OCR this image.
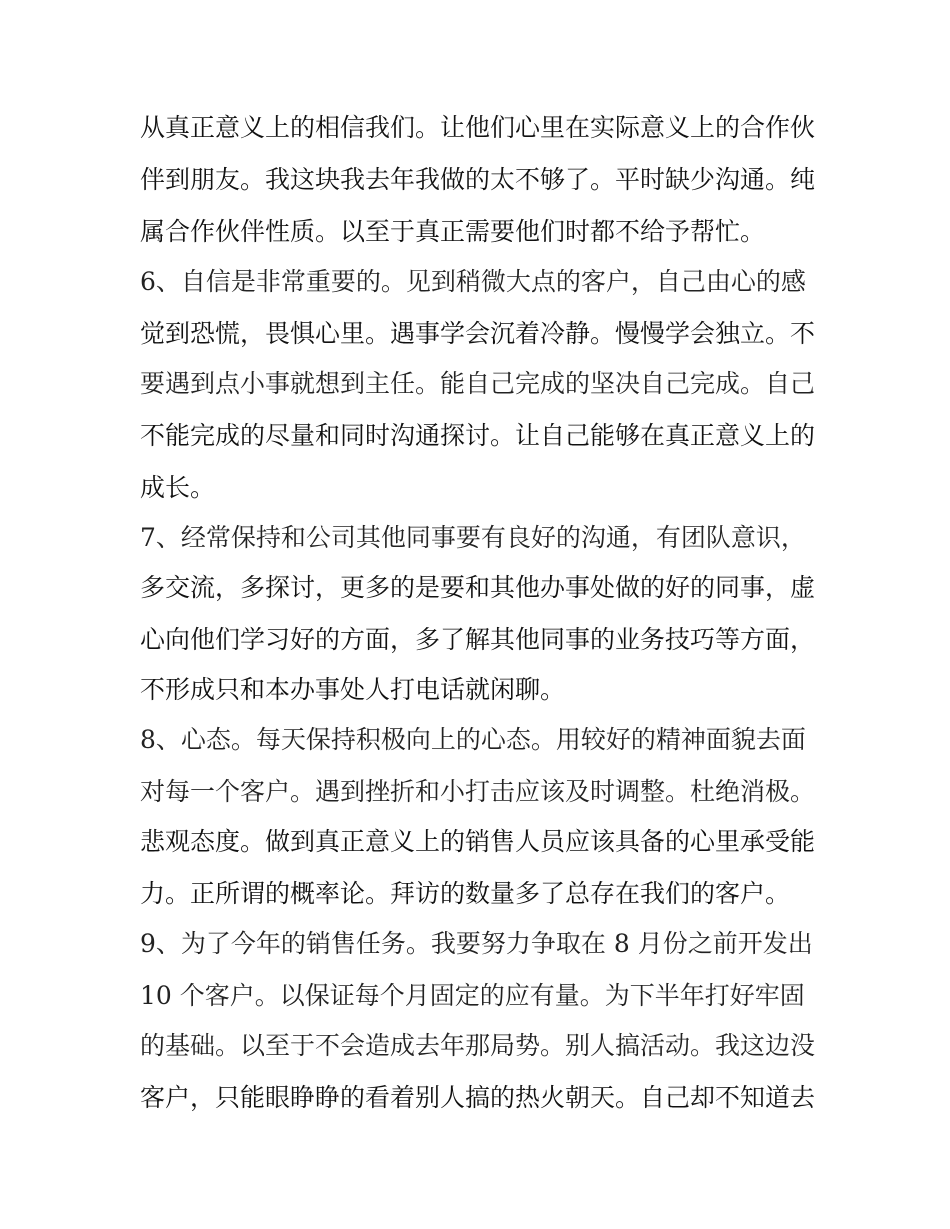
从真正意义上的相信我们。让他们心里在实际意义上的合作伙
伴到朋友。我这块我去年我做的太不够了。平时缺少沟通。纯
属合作伙伴性质。以至于真正需要他们时都不给予帮忙。
6、自信是非常重要的。见到稍微大点的客户，自己由心的感
觉到恐慌，畏惧心里。遇事学会沉着冷静。慢慢学会独立。不
要遇到点小事就想到主任。能自己完成的坚决自己完成。自己
不能完成的尽量和同时沟通探讨。让自己能够在真正意义上的
成长。
7、经常保持和公司其他同事要有良好的沟通，有团队意识，
多交流，多探讨，更多的是要和其他办事处做的好的同事，虚
心向他们学习好的方面，多了解其他同事的业务技巧等方面，
不形成只和本办事处人打电话就闲聊。
8、心态。每天保持积极向上的心态。用较好的精神面貌去面
对每一个客户。遇到挫折和小打击应该及时调整。杜绝消极。
悲观态度。做到真正意义上的销售人员应该具备的心里承受能
力。正所谓的概率论。拜访的数量多了总存在我们的客户。
9、为了今年的销售任务。我要努力争取在 8 月份之前开发出
10 个客户。以保证每个月固定的应有量。为下半年打好牢固
的基础。以至于不会造成去年那局势。别人搞活动。我这边没
客户，只能眼睁睁的看着别人搞的热火朝天。自己却不知道去
